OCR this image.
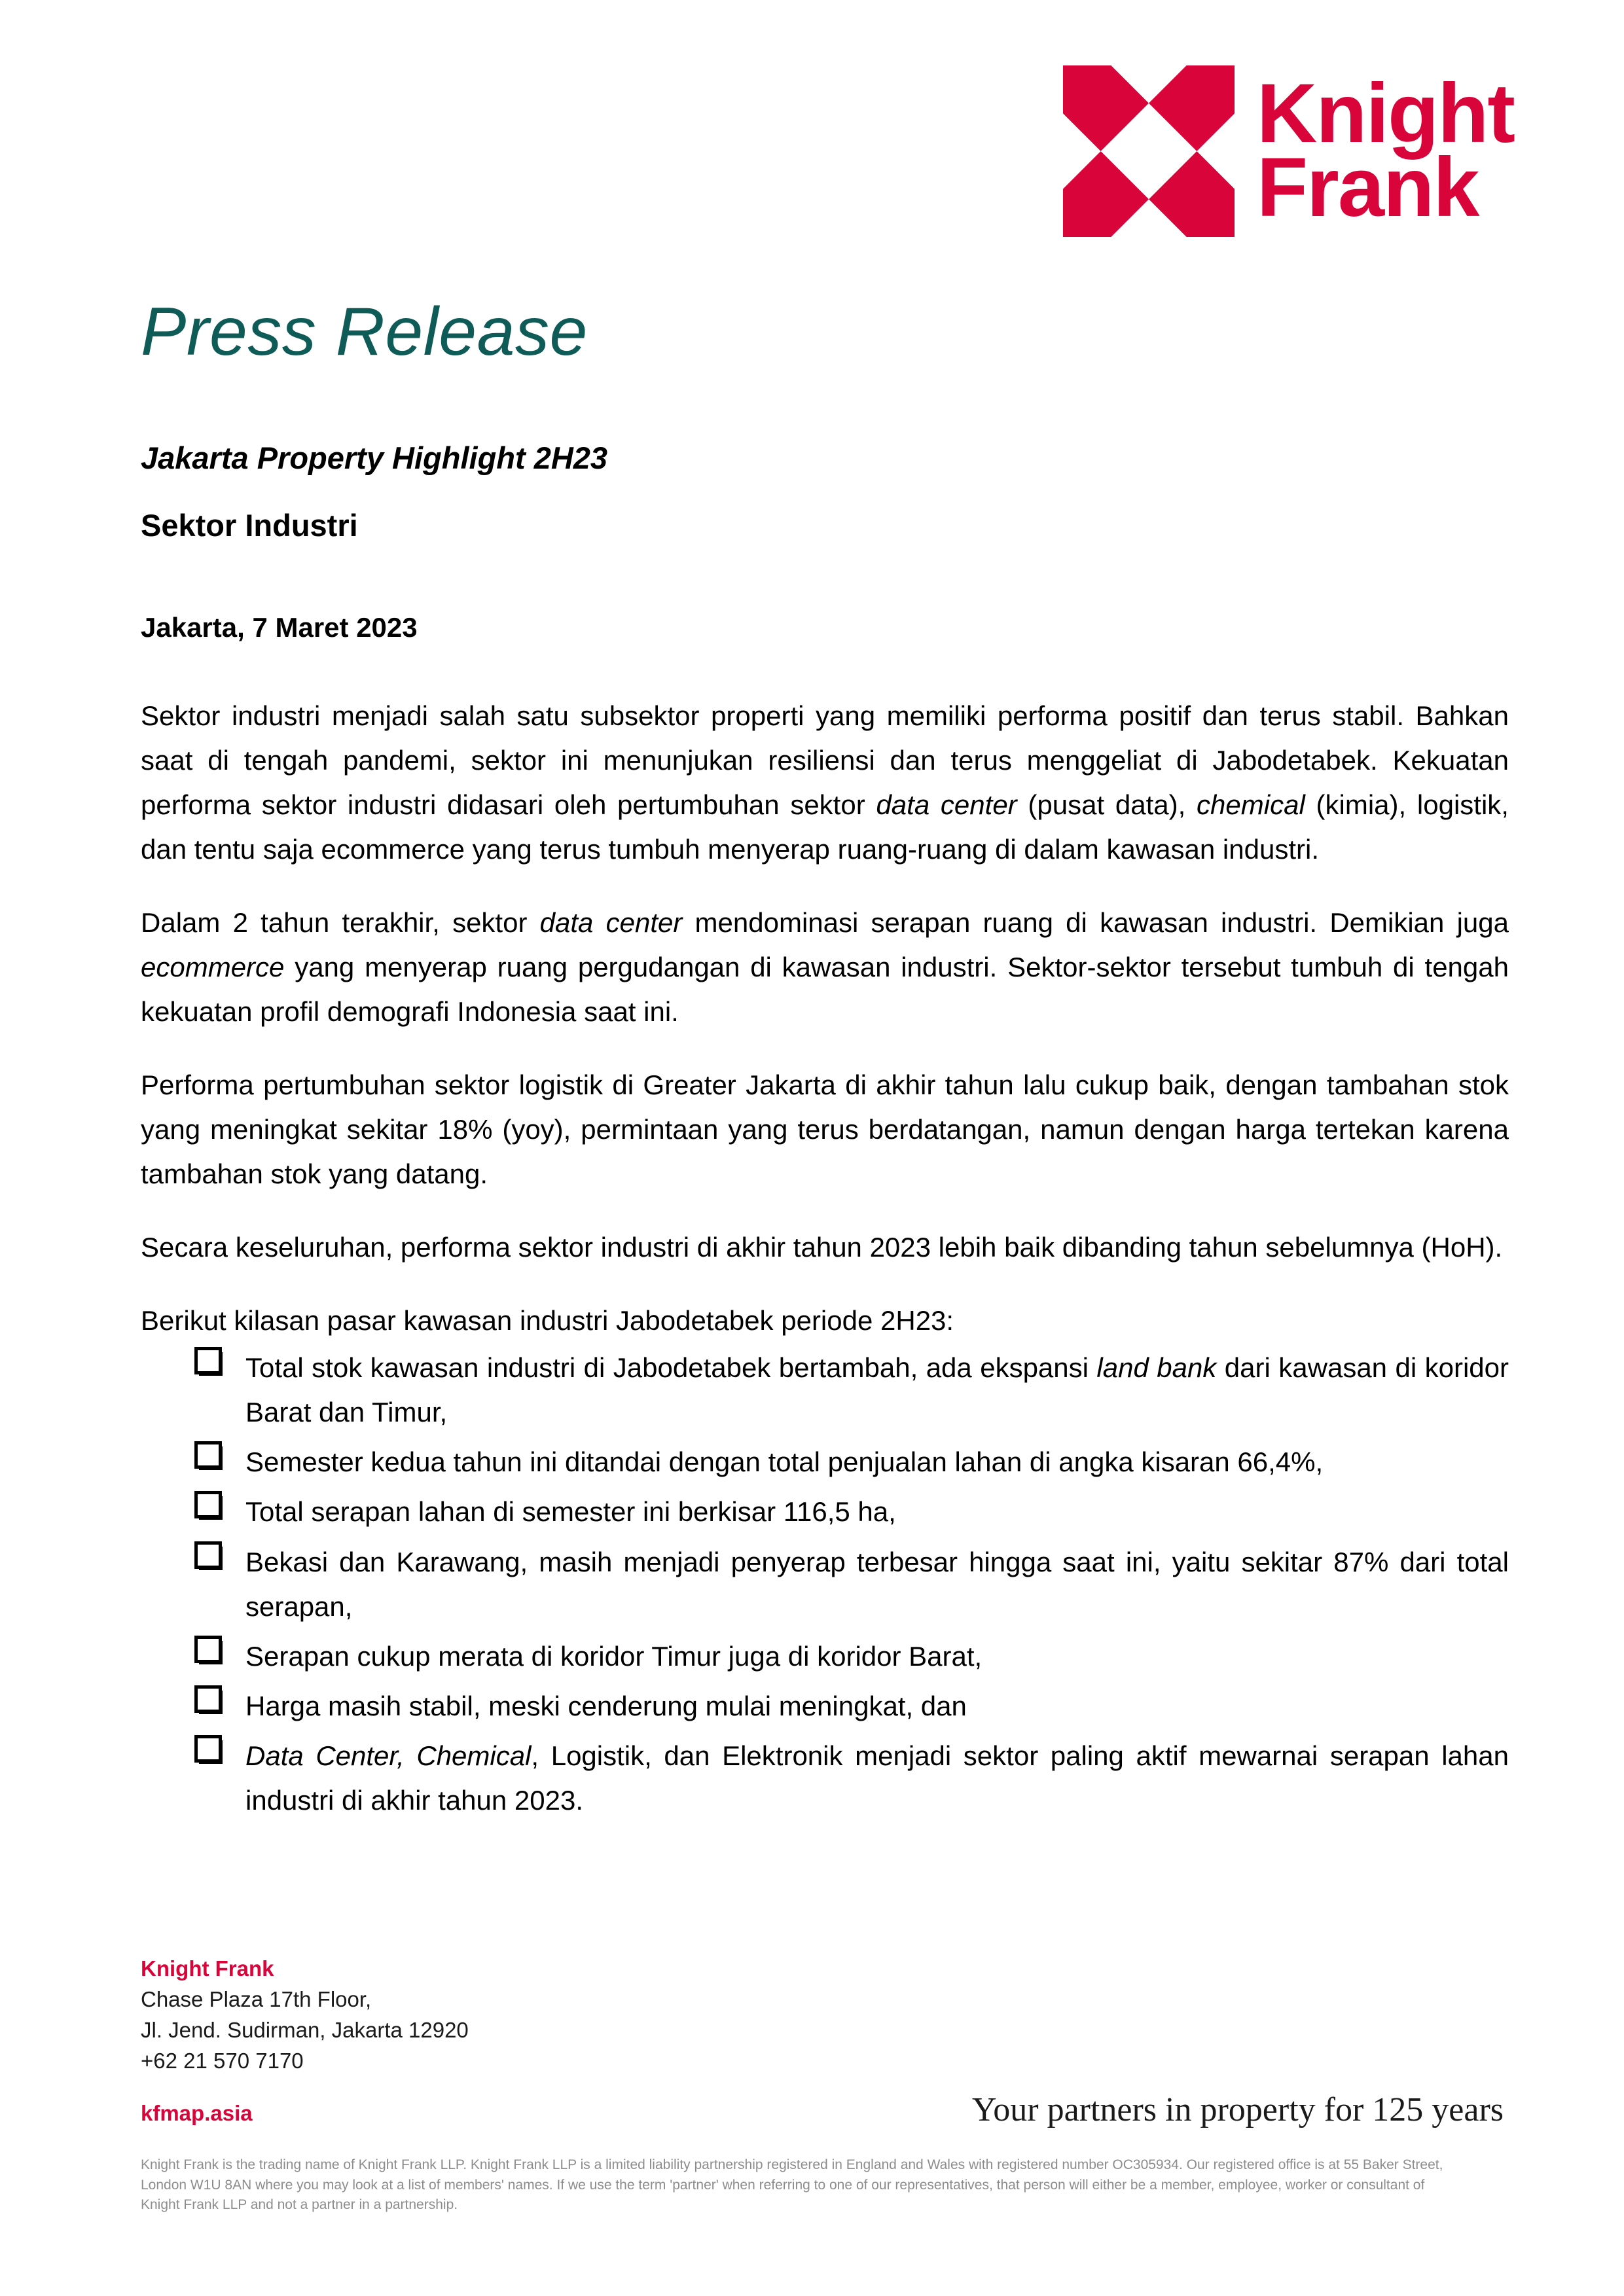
Knight
Frank
Press Release
Jakarta Property Highlight 2H23
Sektor Industri
Jakarta, 7 Maret 2023

Sektor industri menjadi salah satu subsektor properti yang memiliki performa positif dan terus stabil. Bahkan saat di tengah pandemi, sektor ini menunjukan resiliensi dan terus menggeliat di Jabodetabek. Kekuatan performa sektor industri didasari oleh pertumbuhan sektor data center (pusat data), chemical (kimia), logistik, dan tentu saja ecommerce yang terus tumbuh menyerap ruang-ruang di dalam kawasan industri.

Dalam 2 tahun terakhir, sektor data center mendominasi serapan ruang di kawasan industri. Demikian juga ecommerce yang menyerap ruang pergudangan di kawasan industri. Sektor-sektor tersebut tumbuh di tengah kekuatan profil demografi Indonesia saat ini.

Performa pertumbuhan sektor logistik di Greater Jakarta di akhir tahun lalu cukup baik, dengan tambahan stok yang meningkat sekitar 18% (yoy), permintaan yang terus berdatangan, namun dengan harga tertekan karena tambahan stok yang datang.

Secara keseluruhan, performa sektor industri di akhir tahun 2023 lebih baik dibanding tahun sebelumnya (HoH).

Berikut kilasan pasar kawasan industri Jabodetabek periode 2H23:

Total stok kawasan industri di Jabodetabek bertambah, ada ekspansi land bank dari kawasan di koridor Barat dan Timur,
Semester kedua tahun ini ditandai dengan total penjualan lahan di angka kisaran 66,4%,
Total serapan lahan di semester ini berkisar 116,5 ha,
Bekasi dan Karawang, masih menjadi penyerap terbesar hingga saat ini, yaitu sekitar 87% dari total serapan,
Serapan cukup merata di koridor Timur juga di koridor Barat,
Harga masih stabil, meski cenderung mulai meningkat, dan
Data Center, Chemical, Logistik, dan Elektronik menjadi sektor paling aktif mewarnai serapan lahan industri di akhir tahun 2023.
Knight Frank
Chase Plaza 17th Floor,
Jl. Jend. Sudirman, Jakarta 12920
+62 21 570 7170
kfmap.asia	Your partners in property for 125 years
Knight Frank is the trading name of Knight Frank LLP. Knight Frank LLP is a limited liability partnership registered in England and Wales with registered number OC305934. Our registered office is at 55 Baker Street, London W1U 8AN where you may look at a list of members' names. If we use the term 'partner' when referring to one of our representatives, that person will either be a member, employee, worker or consultant of Knight Frank LLP and not a partner in a partnership.
